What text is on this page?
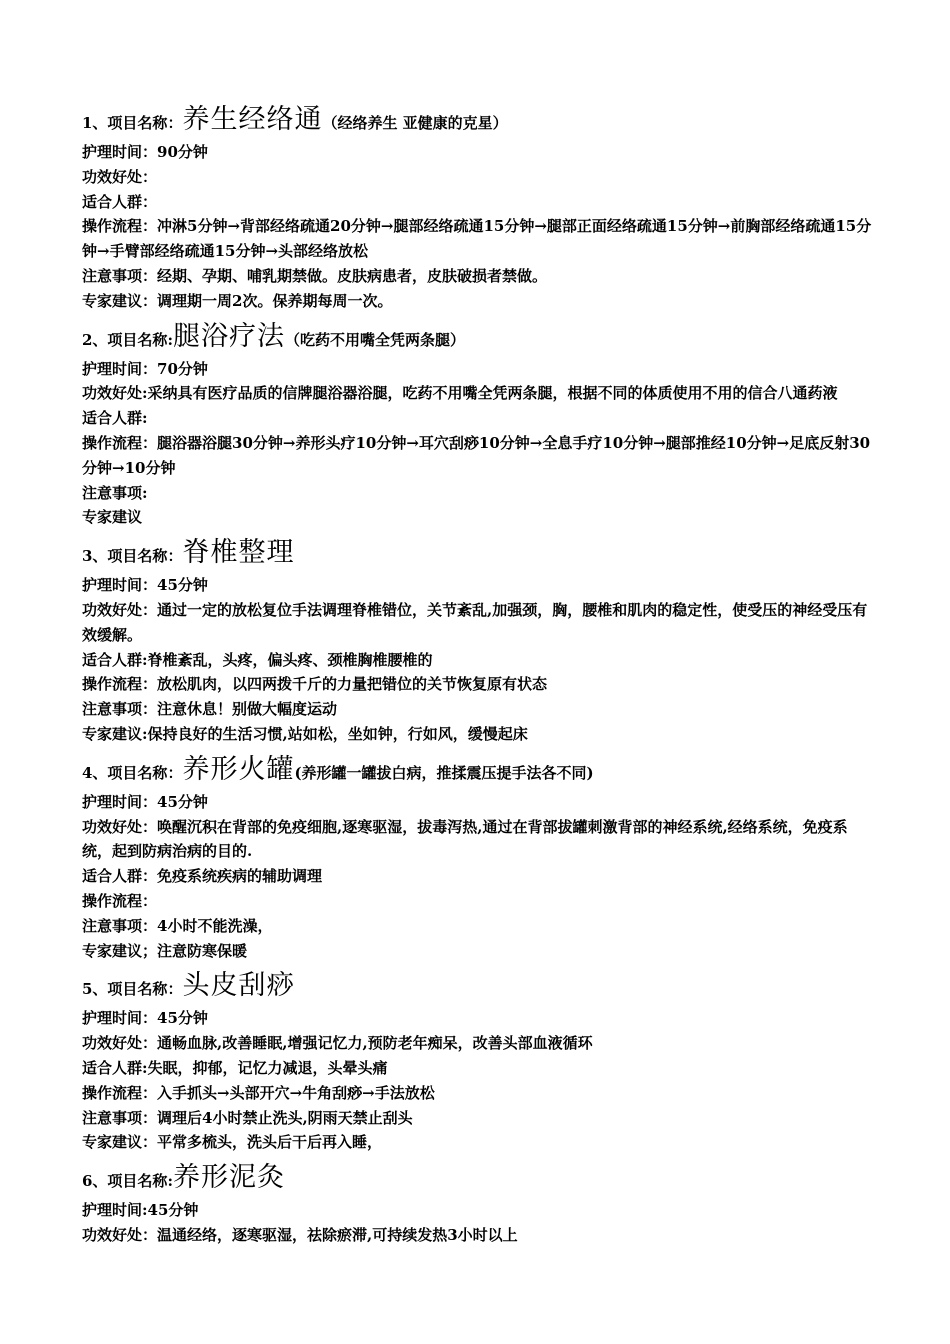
1、项目名称：养生经络通（经络养生 亚健康的克星）

护理时间：90分钟

功效好处：

适合人群：

操作流程：冲淋5分钟→背部经络疏通20分钟→腿部经络疏通15分钟→腿部正面经络疏通15分钟→前胸部经络疏通15分钟→手臂部经络疏通15分钟→头部经络放松

注意事项：经期、孕期、哺乳期禁做。皮肤病患者，皮肤破损者禁做。

专家建议：调理期一周2次。保养期每周一次。

2、项目名称:腿浴疗法（吃药不用嘴全凭两条腿）

护理时间：70分钟

功效好处:采纳具有医疗品质的信牌腿浴器浴腿，吃药不用嘴全凭两条腿，根据不同的体质使用不用的信合八通药液

适合人群:

操作流程：腿浴器浴腿30分钟→养形头疗10分钟→耳穴刮痧10分钟→全息手疗10分钟→腿部推经10分钟→足底反射30分钟→10分钟

注意事项:

专家建议

3、项目名称：脊椎整理

护理时间：45分钟

功效好处：通过一定的放松复位手法调理脊椎错位，关节紊乱,加强颈，胸，腰椎和肌肉的稳定性，使受压的神经受压有效缓解。

适合人群:脊椎紊乱，头疼，偏头疼、颈椎胸椎腰椎的

操作流程：放松肌肉，以四两拨千斤的力量把错位的关节恢复原有状态

注意事项：注意休息！别做大幅度运动

专家建议:保持良好的生活习惯,站如松，坐如钟，行如风，缓慢起床

4、项目名称：养形火罐(养形罐一罐拔白病，推揉震压提手法各不同)

护理时间：45分钟

功效好处：唤醒沉积在背部的免疫细胞,逐寒驱湿，拔毒泻热,通过在背部拔罐刺激背部的神经系统,经络系统，免疫系统，起到防病治病的目的.

适合人群：免疫系统疾病的辅助调理

操作流程：

注意事项：4小时不能洗澡，

专家建议；注意防寒保暖

5、项目名称：头皮刮痧

护理时间：45分钟

功效好处：通畅血脉,改善睡眠,增强记忆力,预防老年痴呆，改善头部血液循环

适合人群:失眠，抑郁，记忆力减退，头晕头痛

操作流程：入手抓头→头部开穴→牛角刮痧→手法放松

注意事项：调理后4小时禁止洗头,阴雨天禁止刮头

专家建议：平常多梳头，洗头后干后再入睡，

6、项目名称:养形泥灸

护理时间:45分钟

功效好处：温通经络，逐寒驱湿，祛除瘀滞,可持续发热3小时以上
